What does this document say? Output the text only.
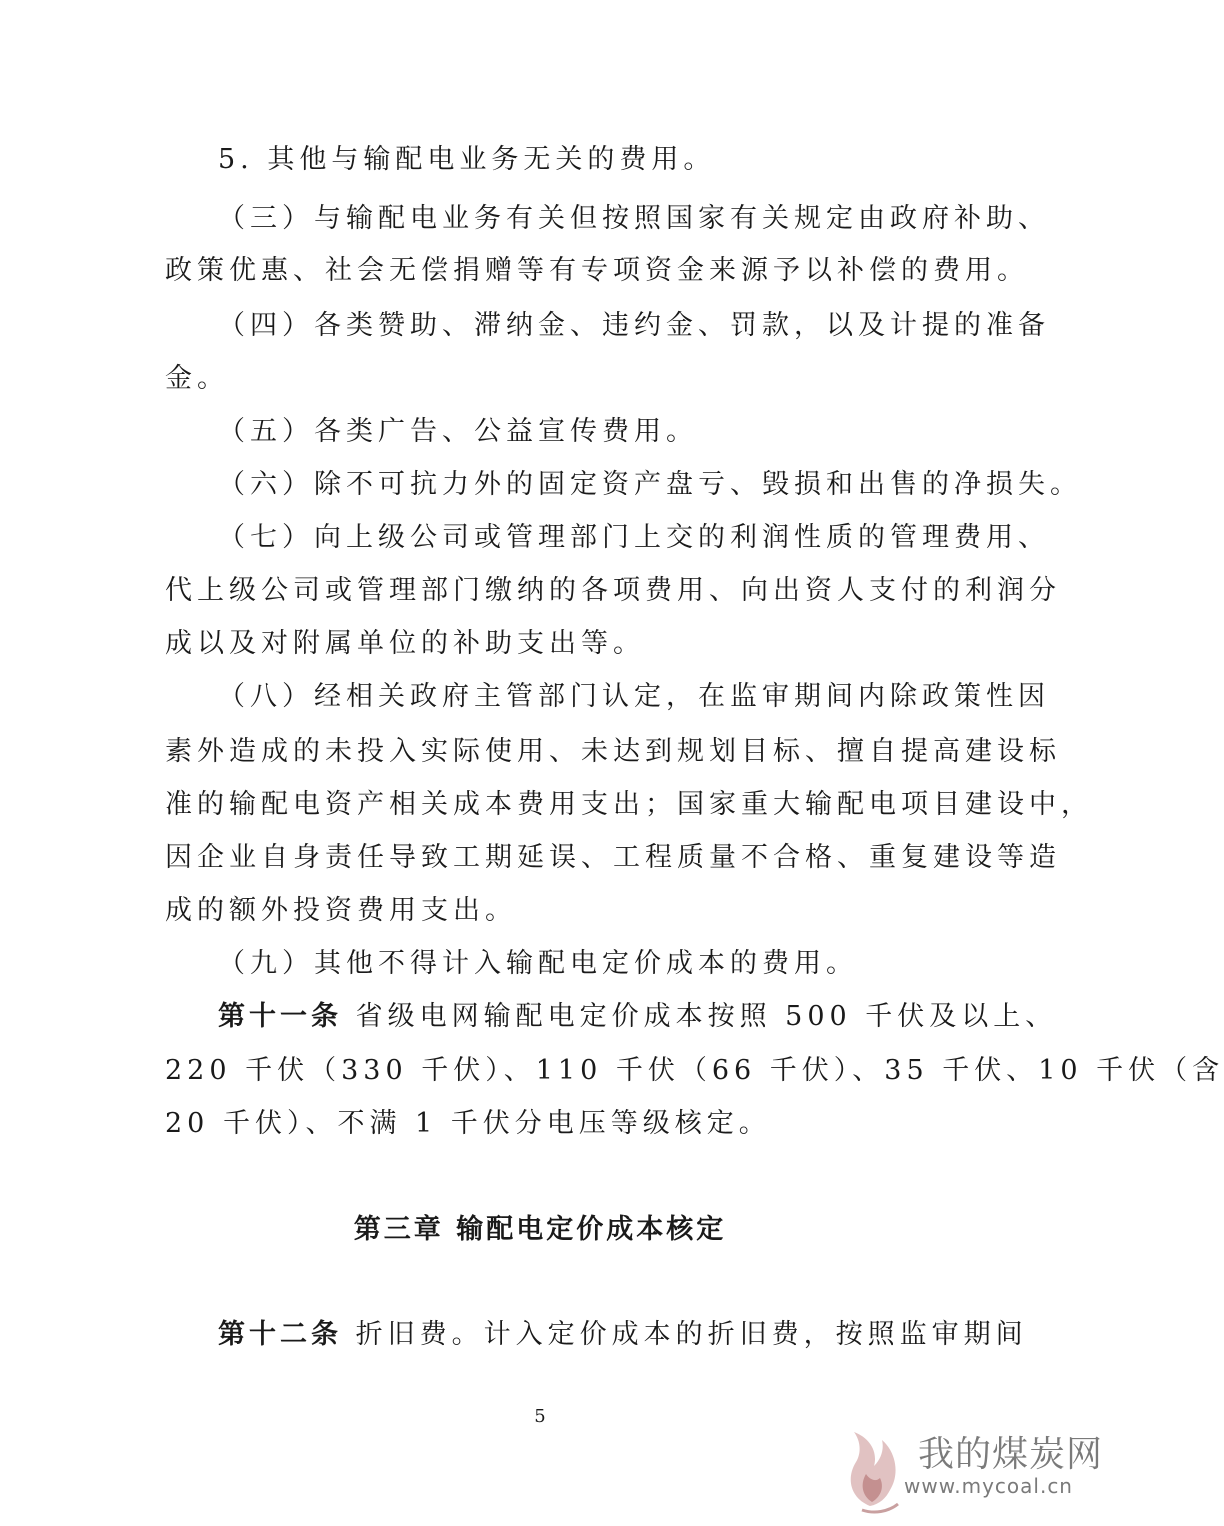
5. 其他与输配电业务无关的费用。
（三）与输配电业务有关但按照国家有关规定由政府补助、
政策优惠、社会无偿捐赠等有专项资金来源予以补偿的费用。
（四）各类赞助、滞纳金、违约金、罚款，以及计提的准备
金。
（五）各类广告、公益宣传费用。
（六）除不可抗力外的固定资产盘亏、毁损和出售的净损失。
（七）向上级公司或管理部门上交的利润性质的管理费用、
代上级公司或管理部门缴纳的各项费用、向出资人支付的利润分
成以及对附属单位的补助支出等。
（八）经相关政府主管部门认定，在监审期间内除政策性因
素外造成的未投入实际使用、未达到规划目标、擅自提高建设标
准的输配电资产相关成本费用支出；国家重大输配电项目建设中，
因企业自身责任导致工期延误、工程质量不合格、重复建设等造
成的额外投资费用支出。
（九）其他不得计入输配电定价成本的费用。
第十一条 省级电网输配电定价成本按照 500 千伏及以上、
220 千伏（330 千伏）、110 千伏（66 千伏）、35 千伏、10 千伏（含
20 千伏）、不满 1 千伏分电压等级核定。
第三章 输配电定价成本核定
第十二条 折旧费。计入定价成本的折旧费，按照监审期间
5
我的煤炭网
www.mycoal.cn
